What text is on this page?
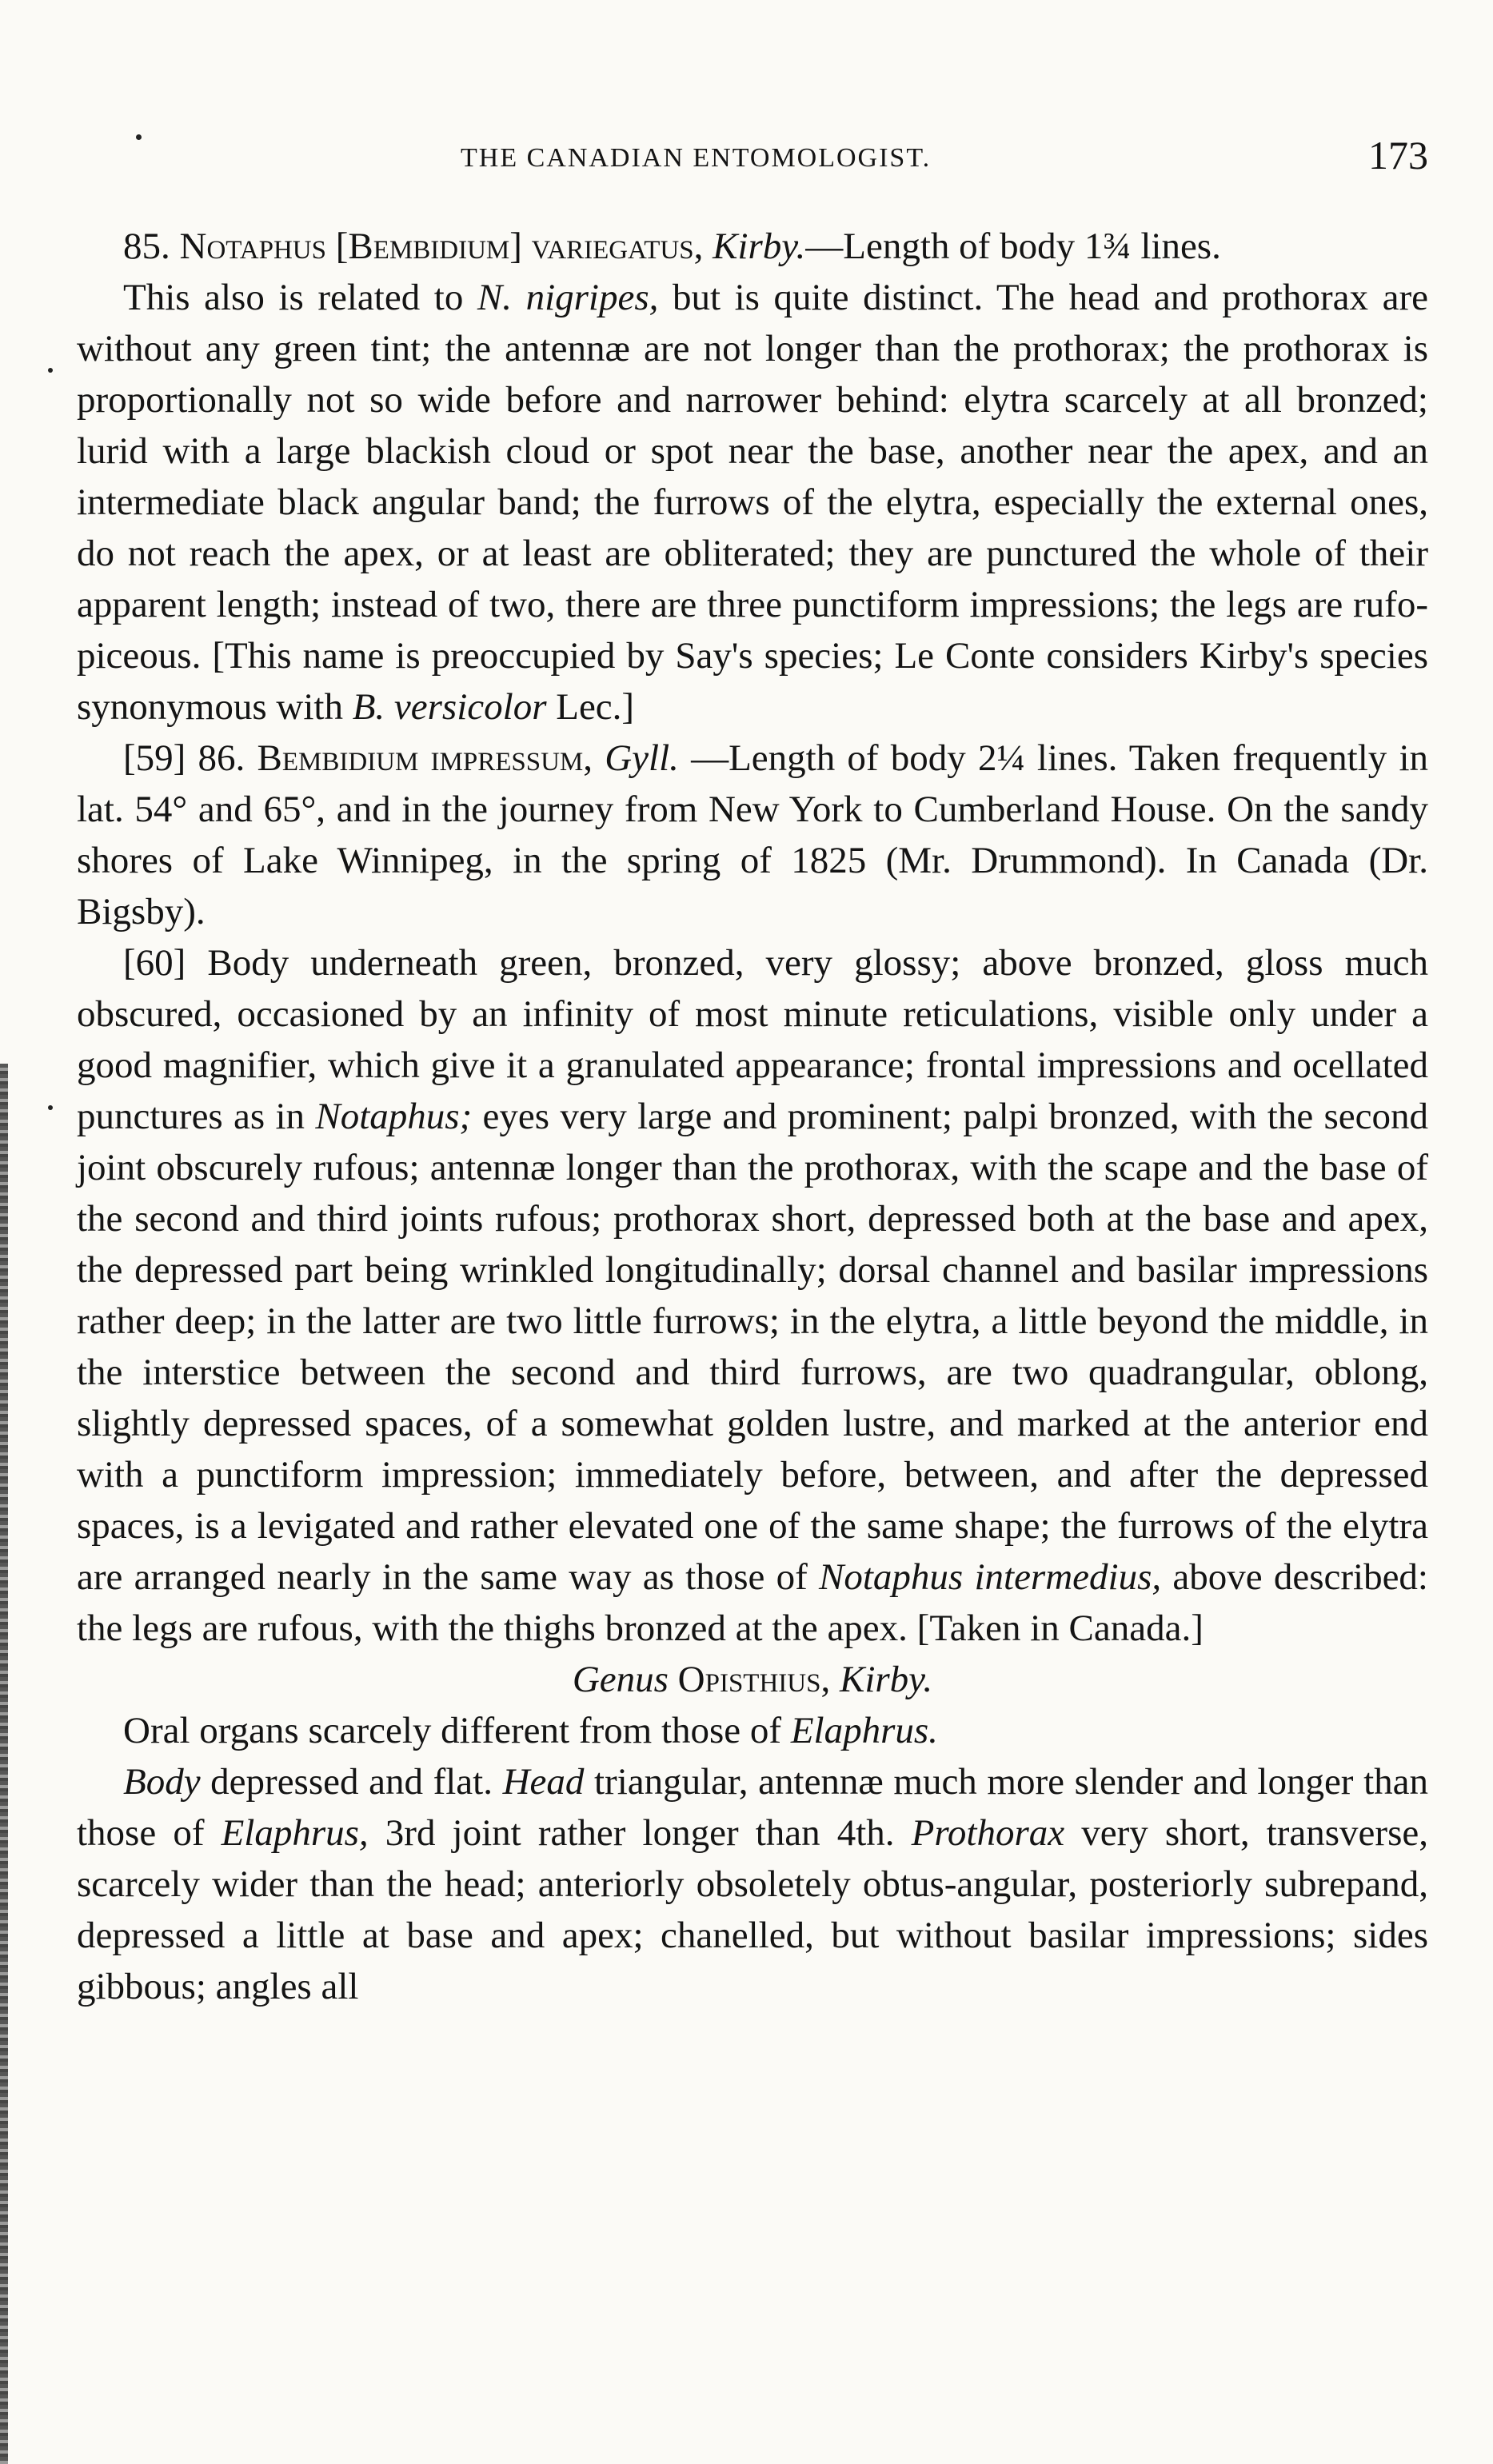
THE CANADIAN ENTOMOLOGIST.	173

85. Notaphus [Bembidium] variegatus, Kirby.—Length of body 1¾ lines.

This also is related to N. nigripes, but is quite distinct. The head and prothorax are without any green tint; the antennæ are not longer than the prothorax; the prothorax is proportionally not so wide before and narrower behind: elytra scarcely at all bronzed; lurid with a large blackish cloud or spot near the base, another near the apex, and an intermediate black angular band; the furrows of the elytra, especially the external ones, do not reach the apex, or at least are obliterated; they are punctured the whole of their apparent length; instead of two, there are three punctiform impressions; the legs are rufo-piceous. [This name is preoccupied by Say's species; Le Conte considers Kirby's species synonymous with B. versicolor Lec.]

[59] 86. Bembidium impressum, Gyll. —Length of body 2¼ lines. Taken frequently in lat. 54° and 65°, and in the journey from New York to Cumberland House. On the sandy shores of Lake Winnipeg, in the spring of 1825 (Mr. Drummond). In Canada (Dr. Bigsby).

[60] Body underneath green, bronzed, very glossy; above bronzed, gloss much obscured, occasioned by an infinity of most minute reticulations, visible only under a good magnifier, which give it a granulated appearance; frontal impressions and ocellated punctures as in Notaphus; eyes very large and prominent; palpi bronzed, with the second joint obscurely rufous; antennæ longer than the prothorax, with the scape and the base of the second and third joints rufous; prothorax short, depressed both at the base and apex, the depressed part being wrinkled longitudinally; dorsal channel and basilar impressions rather deep; in the latter are two little furrows; in the elytra, a little beyond the middle, in the interstice between the second and third furrows, are two quadrangular, oblong, slightly depressed spaces, of a somewhat golden lustre, and marked at the anterior end with a punctiform impression; immediately before, between, and after the depressed spaces, is a levigated and rather elevated one of the same shape; the furrows of the elytra are arranged nearly in the same way as those of Notaphus intermedius, above described: the legs are rufous, with the thighs bronzed at the apex. [Taken in Canada.]

Genus Opisthius, Kirby.

Oral organs scarcely different from those of Elaphrus.

Body depressed and flat. Head triangular, antennæ much more slender and longer than those of Elaphrus, 3rd joint rather longer than 4th. Prothorax very short, transverse, scarcely wider than the head; anteriorly obsoletely obtus-angular, posteriorly subrepand, depressed a little at base and apex; chanelled, but without basilar impressions; sides gibbous; angles all
